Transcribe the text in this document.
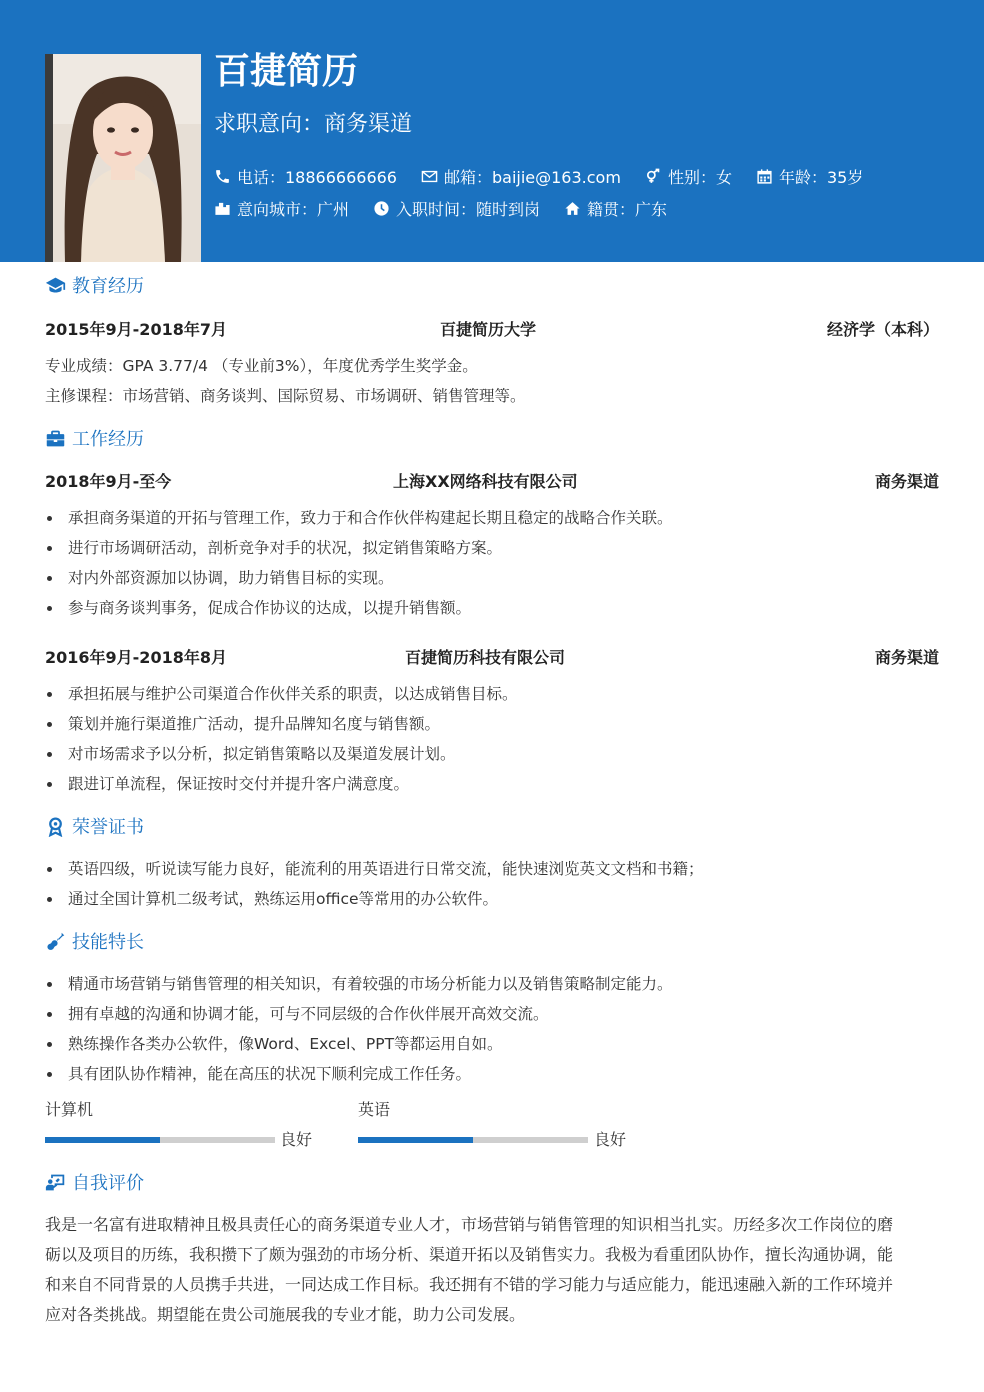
百捷简历
求职意向：商务渠道
电话：18866666666	邮箱：baijie@163.com	性别：女	年龄：35岁
意向城市：广州	入职时间：随时到岗	籍贯：广东
教育经历
2015年9月-2018年7月	百捷简历大学	经济学（本科）
专业成绩：GPA 3.77/4 （专业前3%），年度优秀学生奖学金。
主修课程：市场营销、商务谈判、国际贸易、市场调研、销售管理等。
工作经历
2018年9月-至今	上海XX网络科技有限公司	商务渠道
承担商务渠道的开拓与管理工作，致力于和合作伙伴构建起长期且稳定的战略合作关联。
进行市场调研活动，剖析竞争对手的状况，拟定销售策略方案。
对内外部资源加以协调，助力销售目标的实现。
参与商务谈判事务，促成合作协议的达成，以提升销售额。
2016年9月-2018年8月	百捷简历科技有限公司	商务渠道
承担拓展与维护公司渠道合作伙伴关系的职责，以达成销售目标。
策划并施行渠道推广活动，提升品牌知名度与销售额。
对市场需求予以分析，拟定销售策略以及渠道发展计划。
跟进订单流程，保证按时交付并提升客户满意度。
荣誉证书
英语四级，听说读写能力良好，能流利的用英语进行日常交流，能快速浏览英文文档和书籍；
通过全国计算机二级考试，熟练运用office等常用的办公软件。
技能特长
精通市场营销与销售管理的相关知识，有着较强的市场分析能力以及销售策略制定能力。
拥有卓越的沟通和协调才能，可与不同层级的合作伙伴展开高效交流。
熟练操作各类办公软件，像Word、Excel、PPT等都运用自如。
具有团队协作精神，能在高压的状况下顺利完成工作任务。
计算机
良好
英语
良好
自我评价
我是一名富有进取精神且极具责任心的商务渠道专业人才，市场营销与销售管理的知识相当扎实。历经多次工作岗位的磨
砺以及项目的历练，我积攒下了颇为强劲的市场分析、渠道开拓以及销售实力。我极为看重团队协作，擅长沟通协调，能
和来自不同背景的人员携手共进，一同达成工作目标。我还拥有不错的学习能力与适应能力，能迅速融入新的工作环境并
应对各类挑战。期望能在贵公司施展我的专业才能，助力公司发展。
